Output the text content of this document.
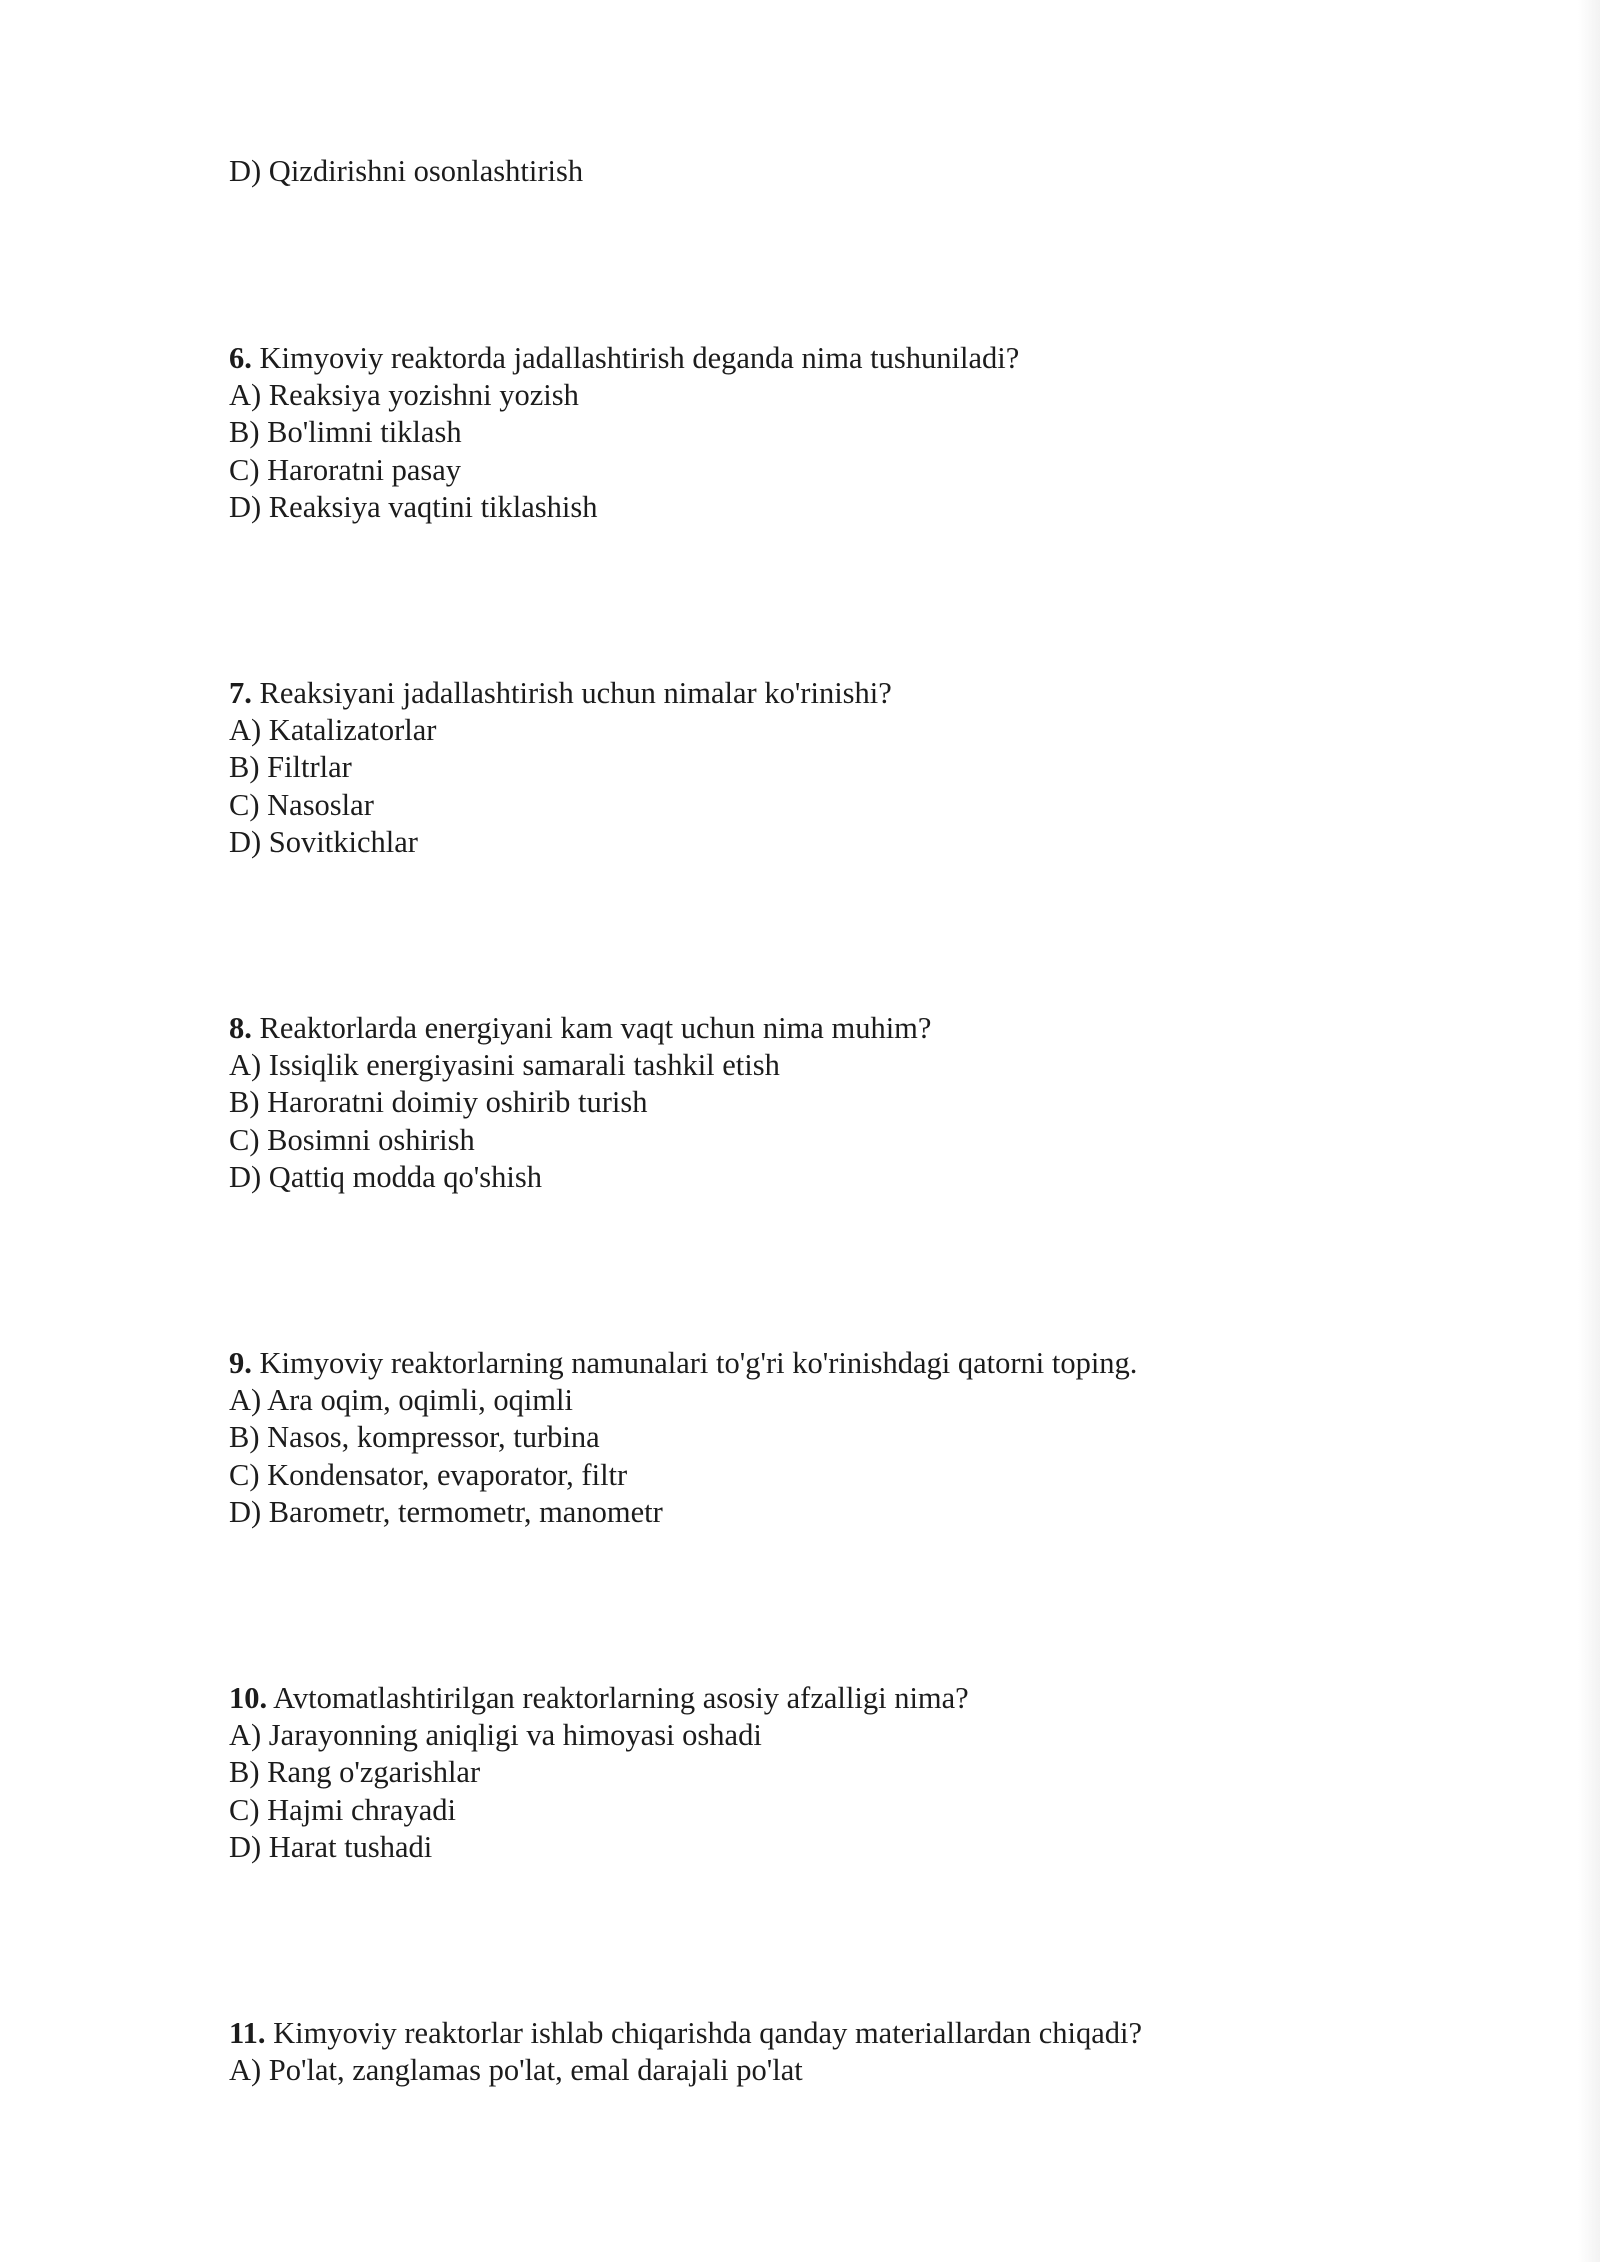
D) Qizdirishni osonlashtirish
6. Kimyoviy reaktorda jadallashtirish deganda nima tushuniladi?
A) Reaksiya yozishni yozish
B) Bo'limni tiklash
C) Haroratni pasay
D) Reaksiya vaqtini tiklashish
7. Reaksiyani jadallashtirish uchun nimalar ko'rinishi?
A) Katalizatorlar
B) Filtrlar
C) Nasoslar
D) Sovitkichlar
8. Reaktorlarda energiyani kam vaqt uchun nima muhim?
A) Issiqlik energiyasini samarali tashkil etish
B) Haroratni doimiy oshirib turish
C) Bosimni oshirish
D) Qattiq modda qo'shish
9. Kimyoviy reaktorlarning namunalari to'g'ri ko'rinishdagi qatorni toping.
A) Ara oqim, oqimli, oqimli
B) Nasos, kompressor, turbina
C) Kondensator, evaporator, filtr
D) Barometr, termometr, manometr
10. Avtomatlashtirilgan reaktorlarning asosiy afzalligi nima?
A) Jarayonning aniqligi va himoyasi oshadi
B) Rang o'zgarishlar
C) Hajmi chrayadi
D) Harat tushadi
11. Kimyoviy reaktorlar ishlab chiqarishda qanday materiallardan chiqadi?
A) Po'lat, zanglamas po'lat, emal darajali po'lat
